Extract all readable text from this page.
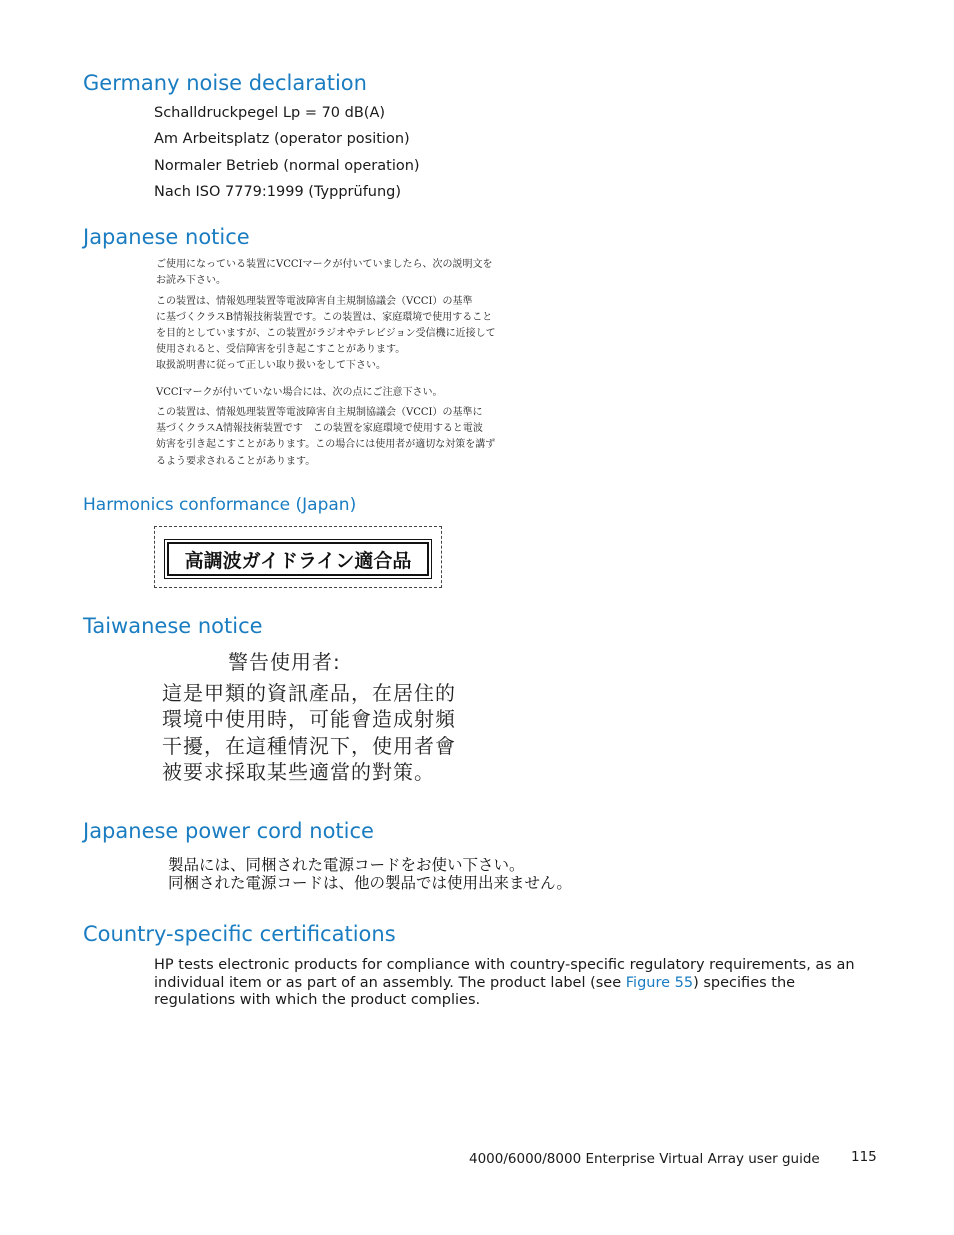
Germany noise declaration
Schalldruckpegel Lp = 70 dB(A)
Am Arbeitsplatz (operator position)
Normaler Betrieb (normal operation)
Nach ISO 7779:1999 (Typprüfung)
Japanese notice
ご使用になっている装置にVCCIマークが付いていましたら、次の説明文を
お読み下さい。
この装置は、情報処理装置等電波障害自主規制協議会（VCCI）の基準
に基づくクラスB情報技術装置です。この装置は、家庭環境で使用すること
を目的としていますが、この装置がラジオやテレビジョン受信機に近接して
使用されると、受信障害を引き起こすことがあります。
取扱説明書に従って正しい取り扱いをして下さい。
VCCIマークが付いていない場合には、次の点にご注意下さい。
この装置は、情報処理装置等電波障害自主規制協議会（VCCI）の基準に
基づくクラスA情報技術装置です　この装置を家庭環境で使用すると電波
妨害を引き起こすことがあります。この場合には使用者が適切な対策を講ず
るよう要求されることがあります。
Harmonics conformance (Japan)
高調波ガイドライン適合品
Taiwanese notice
警告使用者:
這是甲類的資訊產品，在居住的
環境中使用時，可能會造成射頻
干擾，在這種情況下，使用者會
被要求採取某些適當的對策。
Japanese power cord notice
製品には、同梱された電源コードをお使い下さい。
同梱された電源コードは、他の製品では使用出来ません。
Country-specific certifications

HP tests electronic products for compliance with country-specific regulatory requirements, as an individual item or as part of an assembly. The product label (see Figure 55) specifies the regulations with which the product complies.

4000/6000/8000 Enterprise Virtual Array user guide 115
